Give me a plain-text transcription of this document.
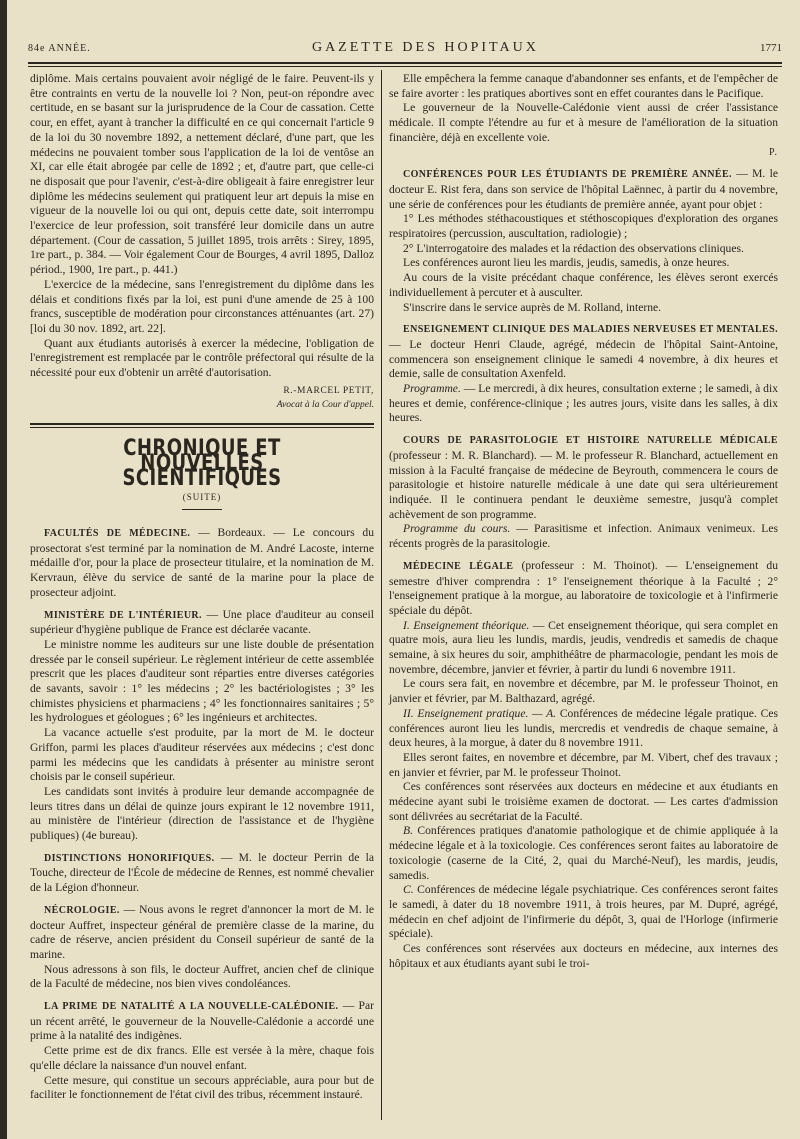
84e ANNÉE.	GAZETTE DES HOPITAUX	1771

diplôme. Mais certains pouvaient avoir négligé de le faire. Peuvent-ils y être contraints en vertu de la nouvelle loi ? Non, peut-on répondre avec certitude, en se basant sur la jurisprudence de la Cour de cassation. Cette cour, en effet, ayant à trancher la difficulté en ce qui concernait l'article 9 de la loi du 30 novembre 1892, a nettement déclaré, d'une part, que les médecins ne pouvaient tomber sous l'application de la loi de ventôse an XI, car elle était abrogée par celle de 1892 ; et, d'autre part, que celle-ci ne disposait que pour l'avenir, c'est-à-dire obligeait à faire enregistrer leur diplôme les médecins seulement qui pratiquent leur art depuis la mise en vigueur de la nouvelle loi ou qui ont, depuis cette date, soit interrompu l'exercice de leur profession, soit transféré leur domicile dans un autre département. (Cour de cassation, 5 juillet 1895, trois arrêts : Sirey, 1895, 1re part., p. 384. — Voir également Cour de Bourges, 4 avril 1895, Dalloz périod., 1900, 1re part., p. 441.)

L'exercice de la médecine, sans l'enregistrement du diplôme dans les délais et conditions fixés par la loi, est puni d'une amende de 25 à 100 francs, susceptible de modération pour circonstances atténuantes (art. 27) [loi du 30 nov. 1892, art. 22].

Quant aux étudiants autorisés à exercer la médecine, l'obligation de l'enregistrement est remplacée par le contrôle préfectoral qui résulte de la nécessité pour eux d'obtenir un arrêté d'autorisation.

R.-MARCEL PETIT,
Avocat à la Cour d'appel.
CHRONIQUE ET NOUVELLES SCIENTIFIQUES
(SUITE)

FACULTÉS DE MÉDECINE. — Bordeaux. — Le concours du prosectorat s'est terminé par la nomination de M. André Lacoste, interne médaille d'or, pour la place de prosecteur titulaire, et la nomination de M. Kervraun, élève du service de santé de la marine pour la place de prosecteur adjoint.

MINISTÈRE DE L'INTÉRIEUR. — Une place d'auditeur au conseil supérieur d'hygiène publique de France est déclarée vacante.

Le ministre nomme les auditeurs sur une liste double de présentation dressée par le conseil supérieur. Le règlement intérieur de cette assemblée prescrit que les places d'auditeur sont réparties entre diverses catégories de savants, savoir : 1° les médecins ; 2° les bactériologistes ; 3° les chimistes physiciens et pharmaciens ; 4° les fonctionnaires sanitaires ; 5° les hydrologues et géologues ; 6° les ingénieurs et architectes.

La vacance actuelle s'est produite, par la mort de M. le docteur Griffon, parmi les places d'auditeur réservées aux médecins ; c'est donc parmi les médecins que les candidats à présenter au ministre seront choisis par le conseil supérieur.

Les candidats sont invités à produire leur demande accompagnée de leurs titres dans un délai de quinze jours expirant le 12 novembre 1911, au ministère de l'intérieur (direction de l'assistance et de l'hygiène publiques) (4e bureau).

DISTINCTIONS HONORIFIQUES. — M. le docteur Perrin de la Touche, directeur de l'École de médecine de Rennes, est nommé chevalier de la Légion d'honneur.

NÉCROLOGIE. — Nous avons le regret d'annoncer la mort de M. le docteur Auffret, inspecteur général de première classe de la marine, du cadre de réserve, ancien président du Conseil supérieur de santé de la marine.

Nous adressons à son fils, le docteur Auffret, ancien chef de clinique de la Faculté de médecine, nos bien vives condoléances.

LA PRIME DE NATALITÉ A LA NOUVELLE-CALÉDONIE. — Par un récent arrêté, le gouverneur de la Nouvelle-Calédonie a accordé une prime à la natalité des indigènes.

Cette prime est de dix francs. Elle est versée à la mère, chaque fois qu'elle déclare la naissance d'un nouvel enfant.

Cette mesure, qui constitue un secours appréciable, aura pour but de faciliter le fonctionnement de l'état civil des tribus, récemment instauré.

Elle empêchera la femme canaque d'abandonner ses enfants, et de l'empêcher de se faire avorter : les pratiques abortives sont en effet courantes dans le Pacifique.

Le gouverneur de la Nouvelle-Calédonie vient aussi de créer l'assistance médicale. Il compte l'étendre au fur et à mesure de l'amélioration de la situation financière, déjà en excellente voie.

P.

CONFÉRENCES POUR LES ÉTUDIANTS DE PREMIÈRE ANNÉE. — M. le docteur E. Rist fera, dans son service de l'hôpital Laënnec, à partir du 4 novembre, une série de conférences pour les étudiants de première année, ayant pour objet :

1° Les méthodes stéthacoustiques et stéthoscopiques d'exploration des organes respiratoires (percussion, auscultation, radiologie) ;

2° L'interrogatoire des malades et la rédaction des observations cliniques.

Les conférences auront lieu les mardis, jeudis, samedis, à onze heures.

Au cours de la visite précédant chaque conférence, les élèves seront exercés individuellement à percuter et à ausculter.

S'inscrire dans le service auprès de M. Rolland, interne.

ENSEIGNEMENT CLINIQUE DES MALADIES NERVEUSES ET MENTALES. — Le docteur Henri Claude, agrégé, médecin de l'hôpital Saint-Antoine, commencera son enseignement clinique le samedi 4 novembre, à dix heures et demie, salle de consultation Axenfeld.

Programme. — Le mercredi, à dix heures, consultation externe ; le samedi, à dix heures et demie, conférence-clinique ; les autres jours, visite dans les salles, à dix heures.

COURS DE PARASITOLOGIE ET HISTOIRE NATURELLE MÉDICALE (professeur : M. R. Blanchard). — M. le professeur R. Blanchard, actuellement en mission à la Faculté française de médecine de Beyrouth, commencera le cours de parasitologie et histoire naturelle médicale à une date qui sera ultérieurement indiquée. Il le continuera pendant le deuxième semestre, jusqu'à complet achèvement de son programme.

Programme du cours. — Parasitisme et infection. Animaux venimeux. Les récents progrès de la parasitologie.

MÉDECINE LÉGALE (professeur : M. Thoinot). — L'enseignement du semestre d'hiver comprendra : 1° l'enseignement théorique à la Faculté ; 2° l'enseignement pratique à la morgue, au laboratoire de toxicologie et à l'infirmerie spéciale du dépôt.

I. Enseignement théorique. — Cet enseignement théorique, qui sera complet en quatre mois, aura lieu les lundis, mardis, jeudis, vendredis et samedis de chaque semaine, à six heures du soir, amphithéâtre de pharmacologie, pendant les mois de novembre, décembre, janvier et février, à partir du lundi 6 novembre 1911.

Le cours sera fait, en novembre et décembre, par M. le professeur Thoinot, en janvier et février, par M. Balthazard, agrégé.

II. Enseignement pratique. — A. Conférences de médecine légale pratique. Ces conférences auront lieu les lundis, mercredis et vendredis de chaque semaine, à deux heures, à la morgue, à dater du 8 novembre 1911.

Elles seront faites, en novembre et décembre, par M. Vibert, chef des travaux ; en janvier et février, par M. le professeur Thoinot.

Ces conférences sont réservées aux docteurs en médecine et aux étudiants en médecine ayant subi le troisième examen de doctorat. — Les cartes d'admission sont délivrées au secrétariat de la Faculté.

B. Conférences pratiques d'anatomie pathologique et de chimie appliquée à la médecine légale et à la toxicologie. Ces conférences seront faites au laboratoire de toxicologie (caserne de la Cité, 2, quai du Marché-Neuf), les mardis, jeudis, samedis.

C. Conférences de médecine légale psychiatrique. Ces conférences seront faites le samedi, à dater du 18 novembre 1911, à trois heures, par M. Dupré, agrégé, médecin en chef adjoint de l'infirmerie du dépôt, 3, quai de l'Horloge (infirmerie spéciale).

Ces conférences sont réservées aux docteurs en médecine, aux internes des hôpitaux et aux étudiants ayant subi le troi-
